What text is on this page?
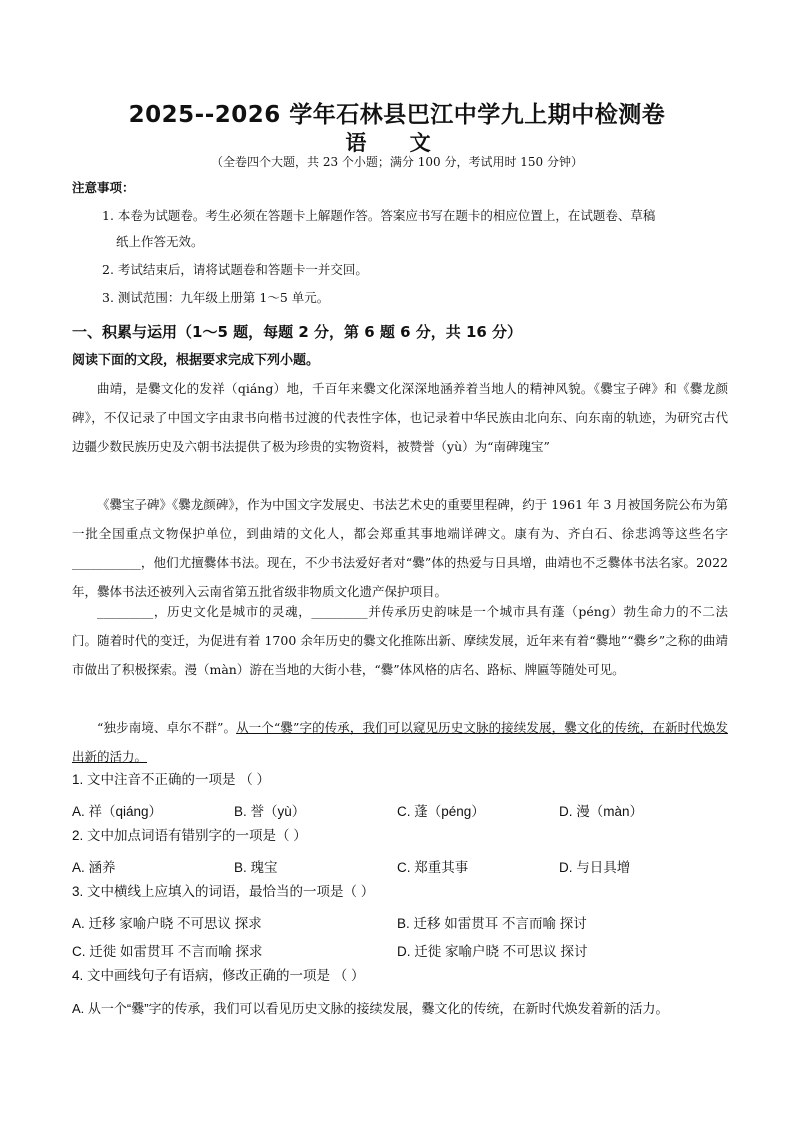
2025--2026 学年石林县巴江中学九上期中检测卷
语 文
（全卷四个大题，共 23 个小题；满分 100 分，考试用时 150 分钟）
注意事项：
1. 本卷为试题卷。考生必须在答题卡上解题作答。答案应书写在题卡的相应位置上，在试题卷、草稿
纸上作答无效。
2. 考试结束后，请将试题卷和答题卡一并交回。
3. 测试范围：九年级上册第 1～5 单元。
一、积累与运用（1～5 题，每题 2 分，第 6 题 6 分，共 16 分）
阅读下面的文段，根据要求完成下列小题。
曲靖，是爨文化的发祥（qiáng）地，千百年来爨文化深深地涵养着当地人的精神风貌。《爨宝子碑》和《爨龙颜碑》，不仅记录了中国文字由隶书向楷书过渡的代表性字体，也记录着中华民族由北向东、向东南的轨迹，为研究古代边疆少数民族历史及六朝书法提供了极为珍贵的实物资料，被赞誉（yù）为“南碑瑰宝”
《爨宝子碑》《爨龙颜碑》，作为中国文字发展史、书法艺术史的重要里程碑，约于 1961 年 3 月被国务院公布为第一批全国重点文物保护单位，到曲靖的文化人，都会郑重其事地端详碑文。康有为、齐白石、徐悲鸿等这些名字___________，他们尤擅爨体书法。现在，不少书法爱好者对“爨”体的热爱与日具增，曲靖也不乏爨体书法名家。2022 年，爨体书法还被列入云南省第五批省级非物质文化遗产保护项目。
_________，历史文化是城市的灵魂，_________并传承历史韵味是一个城市具有蓬（péng）勃生命力的不二法门。随着时代的变迁，为促进有着 1700 余年历史的爨文化推陈出新、摩续发展，近年来有着“爨地”“爨乡”之称的曲靖市做出了积极探索。漫（màn）游在当地的大街小巷，“爨”体风格的店名、路标、牌匾等随处可见。
“独步南境、卓尔不群”。从一个“爨”字的传承，我们可以窥见历史文脉的接续发展，爨文化的传统，在新时代焕发出新的活力。
1. 文中注音不正确的一项是 （ ）
A. 祥（qiáng）	B. 誉（yù）	C. 蓬（péng）	D. 漫（màn）
2. 文中加点词语有错别字的一项是（ ）
A. 涵养	B. 瑰宝	C. 郑重其事	D. 与日具增
3. 文中横线上应填入的词语，最恰当的一项是（ ）
A. 迁移 家喻户晓 不可思议 探求	B. 迁移 如雷贯耳 不言而喻 探讨
C. 迁徙 如雷贯耳 不言而喻 探求	D. 迁徙 家喻户晓 不可思议 探讨
4. 文中画线句子有语病，修改正确的一项是 （ ）
A. 从一个“爨”字的传承，我们可以看见历史文脉的接续发展，爨文化的传统，在新时代焕发着新的活力。
